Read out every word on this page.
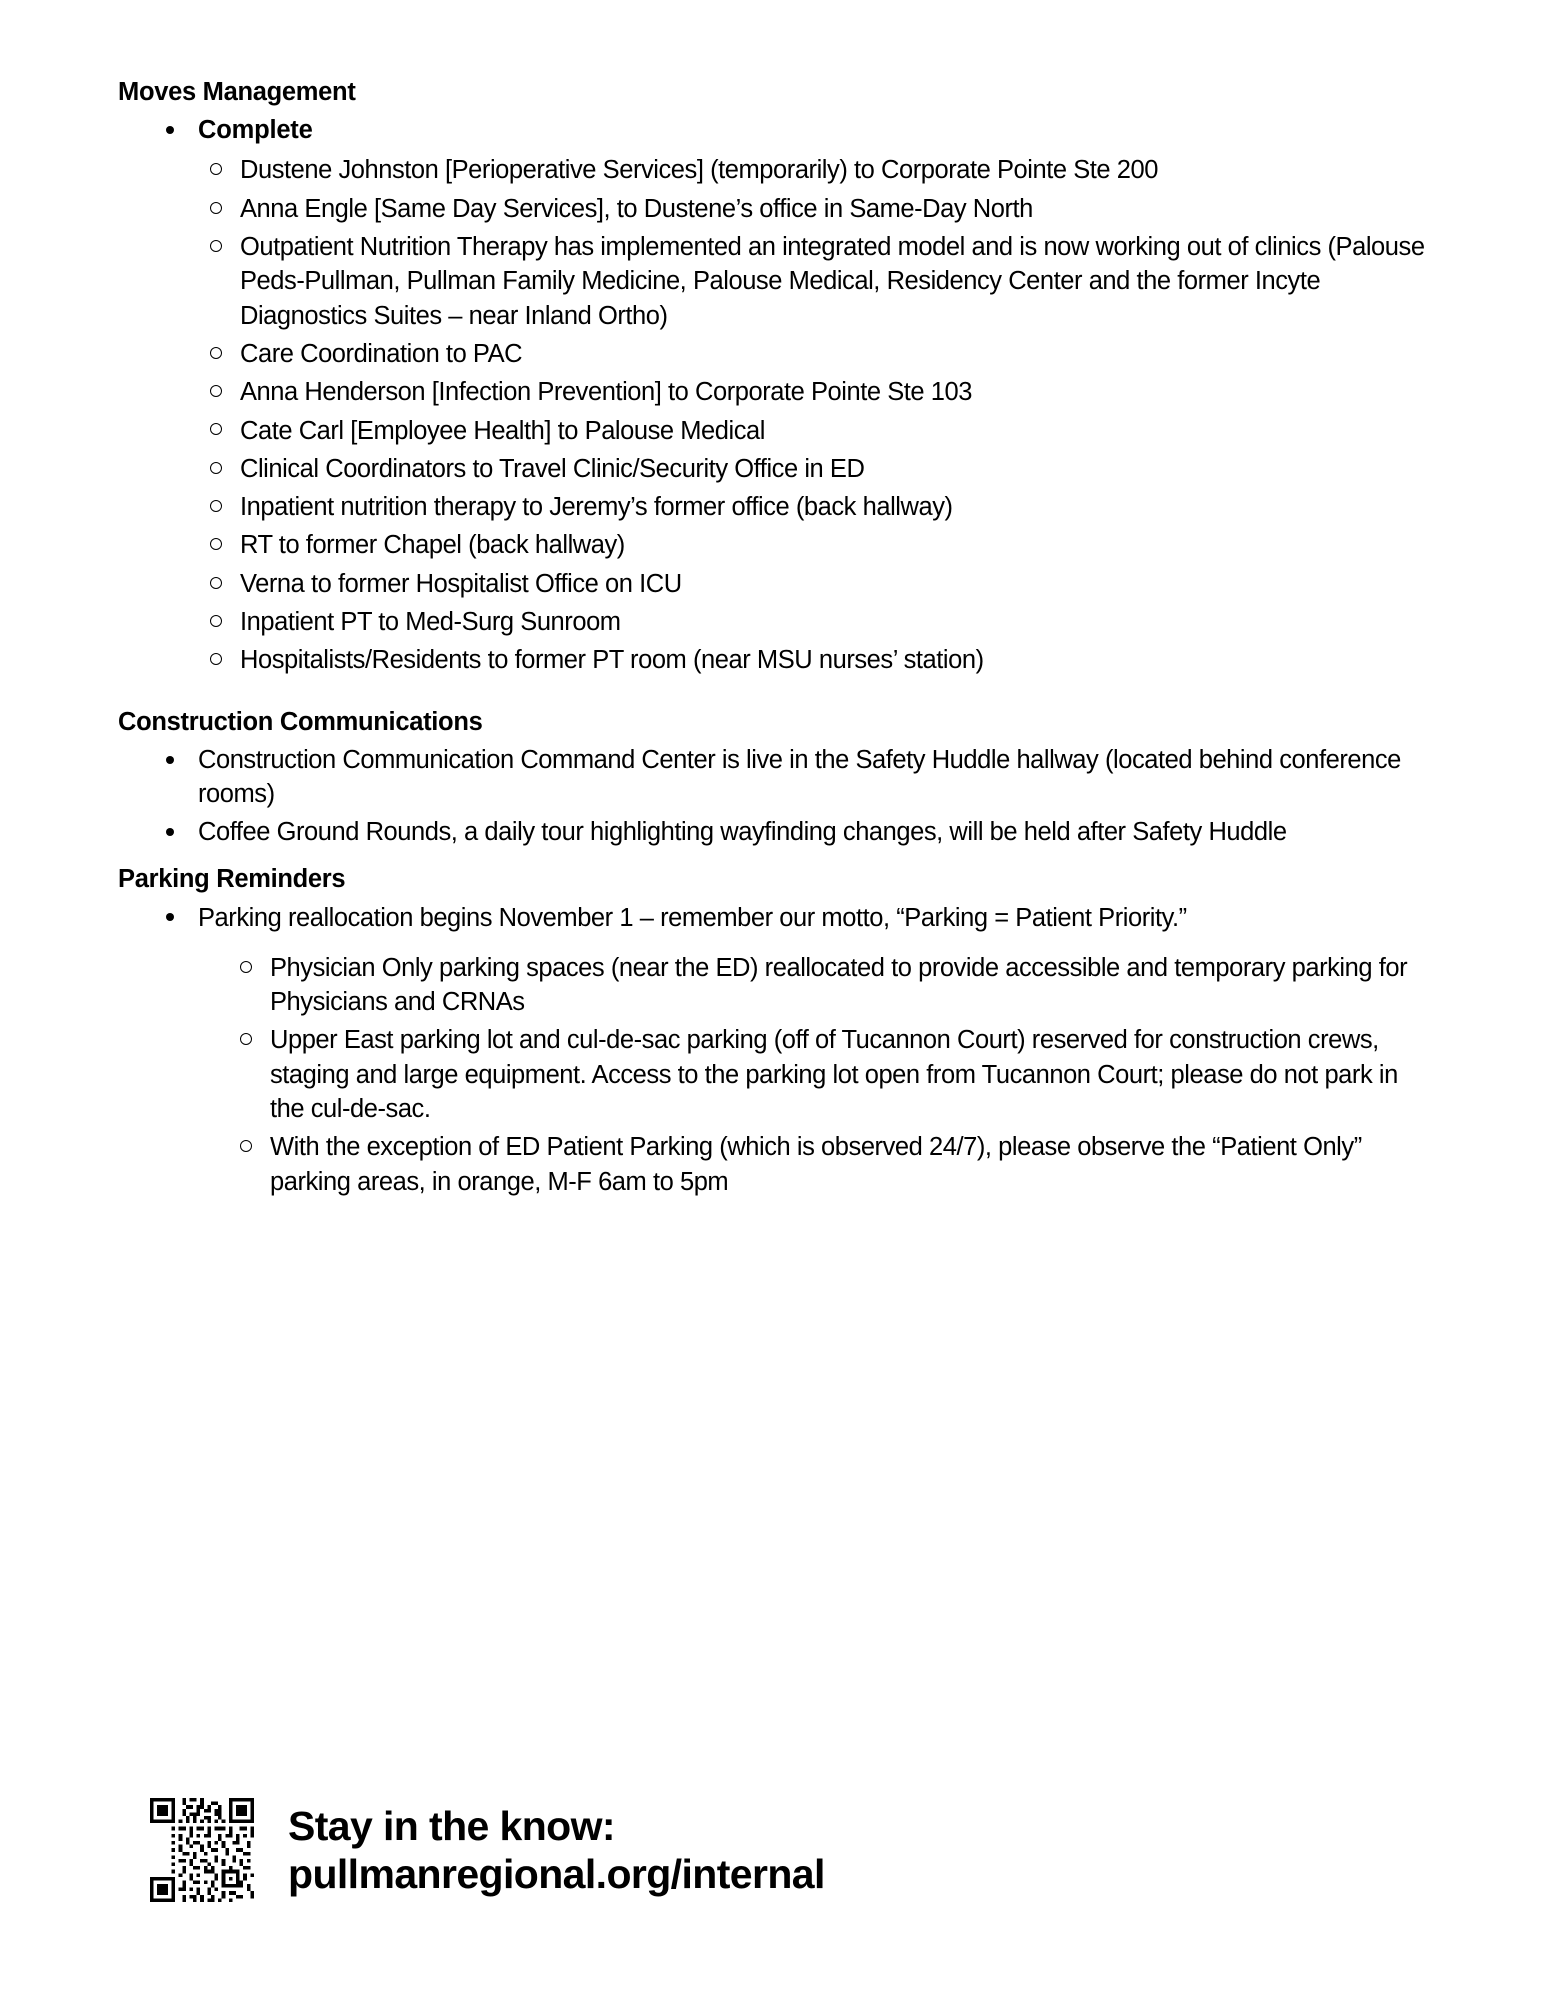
Moves Management
Complete
Dustene Johnston [Perioperative Services] (temporarily) to Corporate Pointe Ste 200
Anna Engle [Same Day Services], to Dustene’s office in Same-Day North
Outpatient Nutrition Therapy has implemented an integrated model and is now working out of clinics (Palouse Peds-Pullman, Pullman Family Medicine, Palouse Medical, Residency Center and the former Incyte Diagnostics Suites – near Inland Ortho)
Care Coordination to PAC
Anna Henderson [Infection Prevention] to Corporate Pointe Ste 103
Cate Carl [Employee Health] to Palouse Medical
Clinical Coordinators to Travel Clinic/Security Office in ED
Inpatient nutrition therapy to Jeremy’s former office (back hallway)
RT to former Chapel (back hallway)
Verna to former Hospitalist Office on ICU
Inpatient PT to Med-Surg Sunroom
Hospitalists/Residents to former PT room (near MSU nurses’ station)
Construction Communications
Construction Communication Command Center is live in the Safety Huddle hallway (located behind conference rooms)
Coffee Ground Rounds, a daily tour highlighting wayfinding changes, will be held after Safety Huddle
Parking Reminders
Parking reallocation begins November 1 – remember our motto, “Parking = Patient Priority.”
Physician Only parking spaces (near the ED) reallocated to provide accessible and temporary parking for Physicians and CRNAs
Upper East parking lot and cul-de-sac parking (off of Tucannon Court) reserved for construction crews, staging and large equipment. Access to the parking lot open from Tucannon Court; please do not park in the cul-de-sac.
With the exception of ED Patient Parking (which is observed 24/7), please observe the “Patient Only” parking areas, in orange, M-F 6am to 5pm
Stay in the know:
pullmanregional.org/internal
